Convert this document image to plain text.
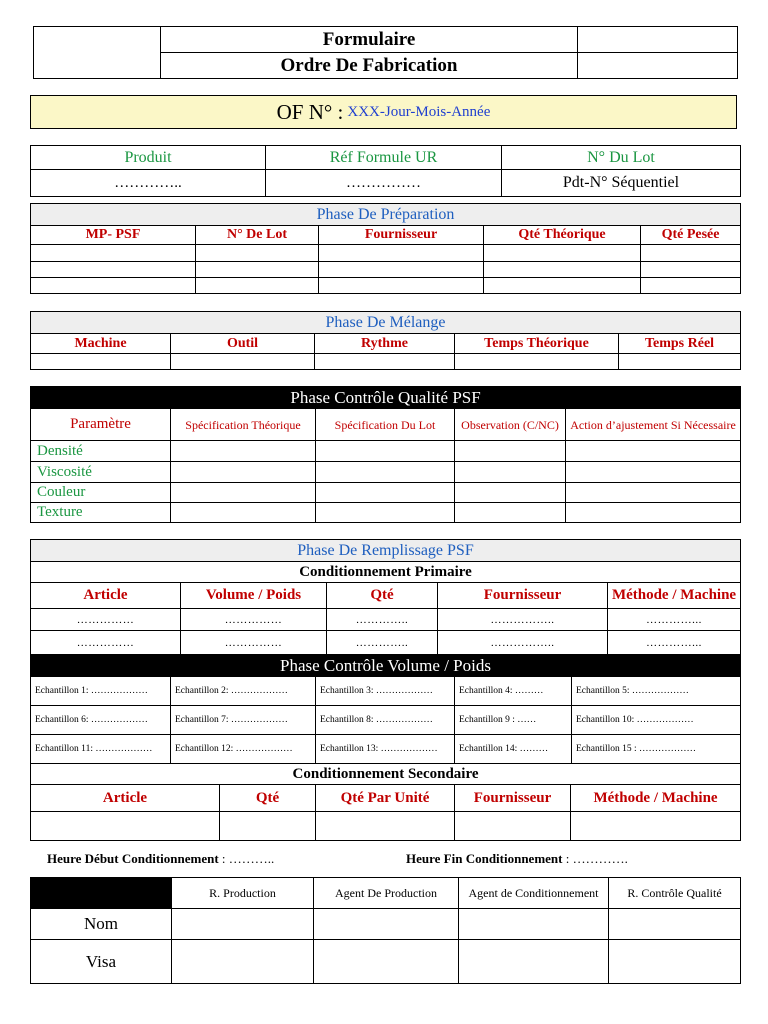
	Formulaire	
	Ordre De Fabrication	
OF N° : XXX-Jour-Mois-Année
Produit	Réf Formule UR	N° Du Lot
…………..	……………	Pdt-N° Séquentiel
Phase De Préparation				
MP- PSF	N° De Lot	Fournisseur	Qté Théorique	Qté Pesée

Phase De Mélange				
Machine	Outil	Rythme	Temps Théorique	Temps Réel

Phase Contrôle Qualité PSF				
Paramètre	Spécification Théorique	Spécification Du Lot	Observation (C/NC)	Action d’ajustement Si Nécessaire
Densité				
Viscosité				
Couleur				
Texture				
Phase De Remplissage PSF				
Conditionnement Primaire				
Article	Volume / Poids	Qté	Fournisseur	Méthode / Machine
……………	……………	…………..	……………..	…………...
……………	……………	…………..	……………..	…………...
Phase Contrôle Volume / Poids				
Echantillon 1: ………………	Echantillon 2: ………………	Echantillon 3: ………………	Echantillon 4: ………	Echantillon 5: ………………
Echantillon 6: ………………	Echantillon 7: ………………	Echantillon 8: ………………	Echantillon 9 : ……	Echantillon 10: ………………
Echantillon 11: ………………	Echantillon 12: ………………	Echantillon 13: ………………	Echantillon 14: ………	Echantillon 15 : ………………
Conditionnement Secondaire				
Article	Qté	Qté Par Unité	Fournisseur	Méthode / Machine

Heure Début Conditionnement : ………..	Heure Fin Conditionnement : ………….
	R. Production	Agent De Production	Agent de Conditionnement	R. Contrôle Qualité
Nom				
Visa				
